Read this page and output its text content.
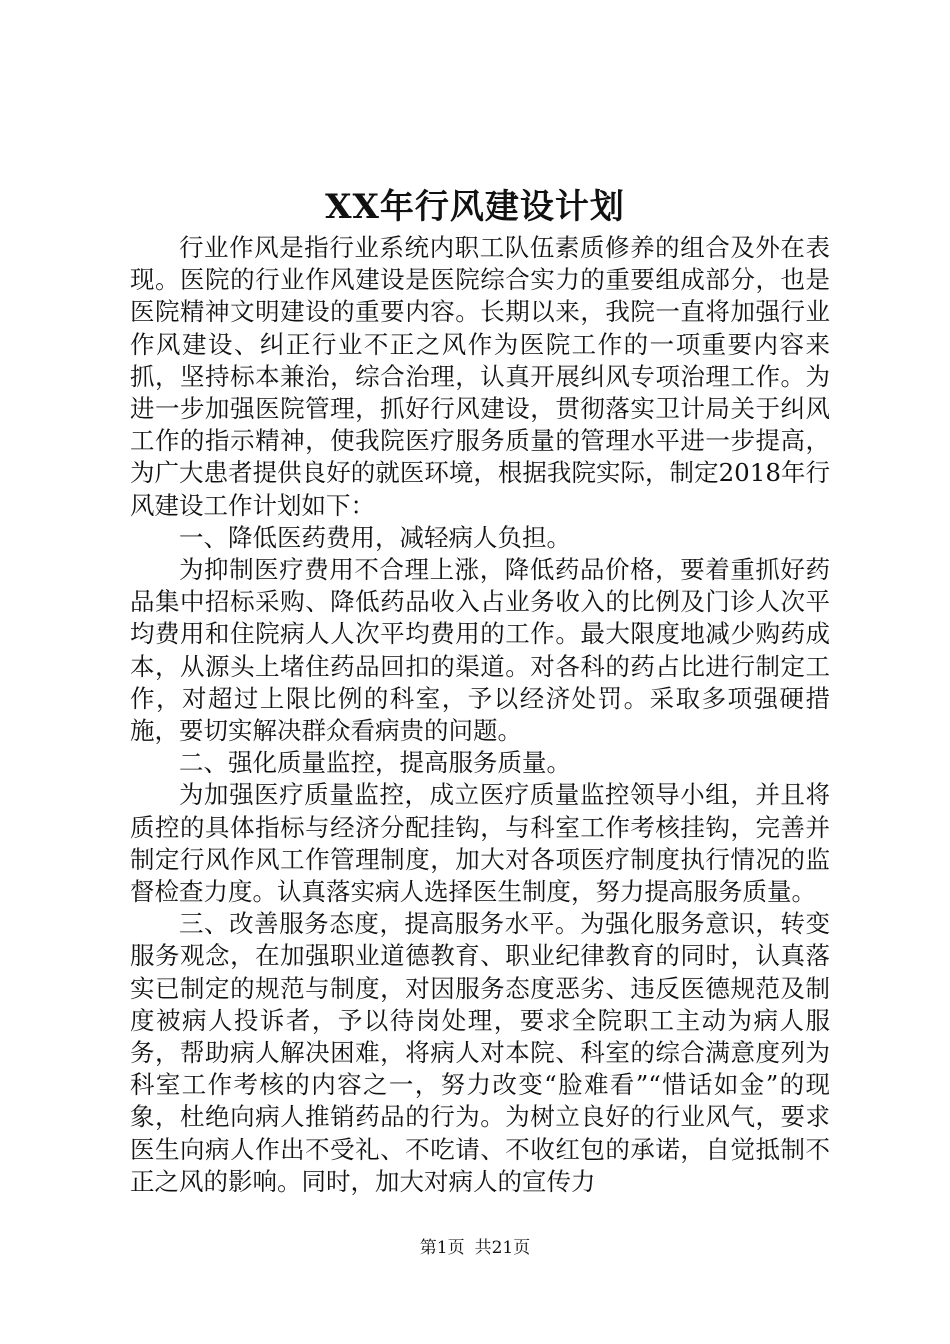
XX年行风建设计划

行业作风是指行业系统内职工队伍素质修养的组合及外在表现。医院的行业作风建设是医院综合实力的重要组成部分，也是医院精神文明建设的重要内容。长期以来，我院一直将加强行业作风建设、纠正行业不正之风作为医院工作的一项重要内容来抓，坚持标本兼治，综合治理，认真开展纠风专项治理工作。为进一步加强医院管理，抓好行风建设，贯彻落实卫计局关于纠风工作的指示精神，使我院医疗服务质量的管理水平进一步提高，为广大患者提供良好的就医环境，根据我院实际，制定2018年行风建设工作计划如下：

一、降低医药费用，减轻病人负担。

为抑制医疗费用不合理上涨，降低药品价格，要着重抓好药品集中招标采购、降低药品收入占业务收入的比例及门诊人次平均费用和住院病人人次平均费用的工作。最大限度地减少购药成本，从源头上堵住药品回扣的渠道。对各科的药占比进行制定工作，对超过上限比例的科室，予以经济处罚。采取多项强硬措施，要切实解决群众看病贵的问题。

二、强化质量监控，提高服务质量。

为加强医疗质量监控，成立医疗质量监控领导小组，并且将质控的具体指标与经济分配挂钩，与科室工作考核挂钩，完善并制定行风作风工作管理制度，加大对各项医疗制度执行情况的监督检查力度。认真落实病人选择医生制度，努力提高服务质量。

三、改善服务态度，提高服务水平。为强化服务意识，转变服务观念，在加强职业道德教育、职业纪律教育的同时，认真落实已制定的规范与制度，对因服务态度恶劣、违反医德规范及制度被病人投诉者，予以待岗处理，要求全院职工主动为病人服务，帮助病人解决困难，将病人对本院、科室的综合满意度列为科室工作考核的内容之一，努力改变“脸难看”“惜话如金”的现象，杜绝向病人推销药品的行为。为树立良好的行业风气，要求医生向病人作出不受礼、不吃请、不收红包的承诺，自觉抵制不正之风的影响。同时，加大对病人的宣传力

第1页 共21页
